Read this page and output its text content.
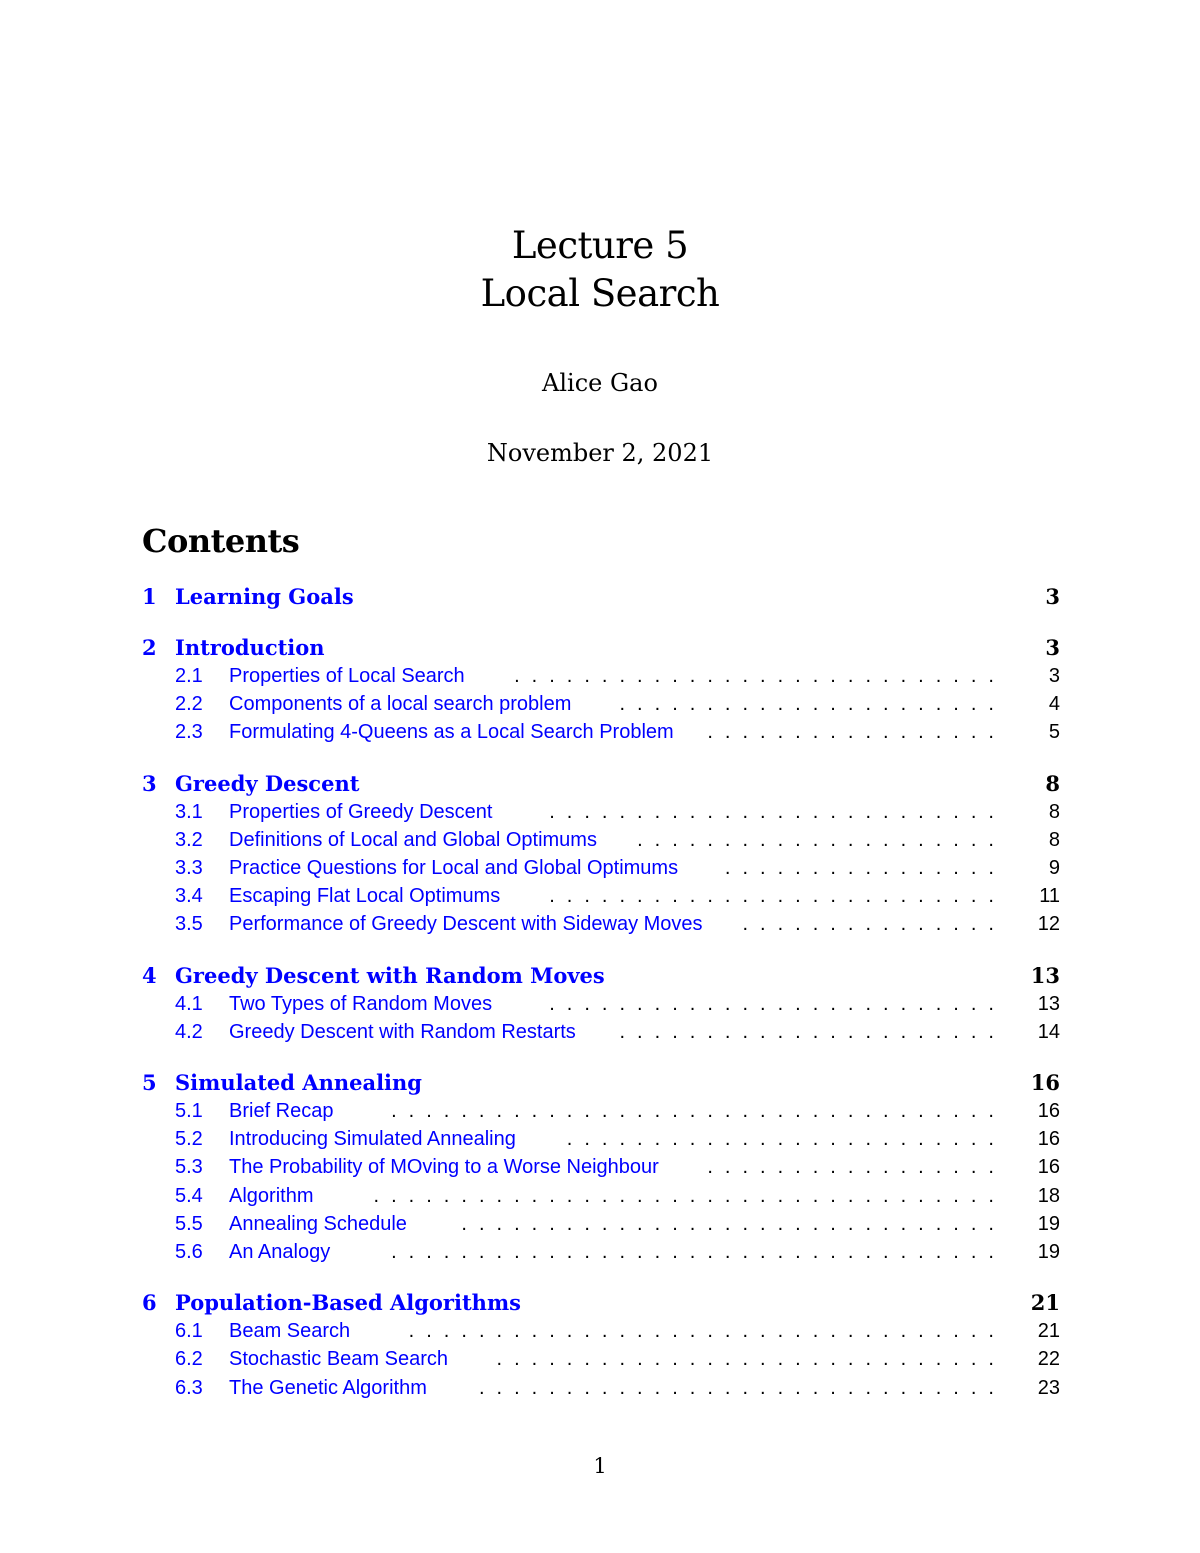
Lecture 5
Local Search
Alice Gao
November 2, 2021
Contents
1 Learning Goals	3
2 Introduction	3
2.1 Properties of Local Search	.   .   .   .   .   .   .   .   .   .   .   .   .   .   .   .   .   .   .   .   .   .   .   .   .   .   .   .    3
2.2 Components of a local search problem	.   .   .   .   .   .   .   .   .   .   .   .   .   .   .   .   .   .   .   .   .   .    4
2.3 Formulating 4-Queens as a Local Search Problem	.   .   .   .   .   .   .   .   .   .   .   .   .   .   .   .   .    5
3 Greedy Descent	8
3.1 Properties of Greedy Descent	.   .   .   .   .   .   .   .   .   .   .   .   .   .   .   .   .   .   .   .   .   .   .   .   .   .    8
3.2 Definitions of Local and Global Optimums	.   .   .   .   .   .   .   .   .   .   .   .   .   .   .   .   .   .   .   .   .    8
3.3 Practice Questions for Local and Global Optimums	.   .   .   .   .   .   .   .   .   .   .   .   .   .   .   .    9
3.4 Escaping Flat Local Optimums	.   .   .   .   .   .   .   .   .   .   .   .   .   .   .   .   .   .   .   .   .   .   .   .   .   .    11
3.5 Performance of Greedy Descent with Sideway Moves	.   .   .   .   .   .   .   .   .   .   .   .   .   .   .    12
4 Greedy Descent with Random Moves	13
4.1 Two Types of Random Moves	.   .   .   .   .   .   .   .   .   .   .   .   .   .   .   .   .   .   .   .   .   .   .   .   .   .    13
4.2 Greedy Descent with Random Restarts	.   .   .   .   .   .   .   .   .   .   .   .   .   .   .   .   .   .   .   .   .   .    14
5 Simulated Annealing	16
5.1 Brief Recap	.   .   .   .   .   .   .   .   .   .   .   .   .   .   .   .   .   .   .   .   .   .   .   .   .   .   .   .   .   .   .   .   .   .   .    16
5.2 Introducing Simulated Annealing	.   .   .   .   .   .   .   .   .   .   .   .   .   .   .   .   .   .   .   .   .   .   .   .   .    16
5.3 The Probability of MOving to a Worse Neighbour	.   .   .   .   .   .   .   .   .   .   .   .   .   .   .   .   .    16
5.4 Algorithm	.   .   .   .   .   .   .   .   .   .   .   .   .   .   .   .   .   .   .   .   .   .   .   .   .   .   .   .   .   .   .   .   .   .   .   .    18
5.5 Annealing Schedule	.   .   .   .   .   .   .   .   .   .   .   .   .   .   .   .   .   .   .   .   .   .   .   .   .   .   .   .   .   .   .    19
5.6 An Analogy	.   .   .   .   .   .   .   .   .   .   .   .   .   .   .   .   .   .   .   .   .   .   .   .   .   .   .   .   .   .   .   .   .   .   .    19
6 Population-Based Algorithms	21
6.1 Beam Search	.   .   .   .   .   .   .   .   .   .   .   .   .   .   .   .   .   .   .   .   .   .   .   .   .   .   .   .   .   .   .   .   .   .    21
6.2 Stochastic Beam Search	.   .   .   .   .   .   .   .   .   .   .   .   .   .   .   .   .   .   .   .   .   .   .   .   .   .   .   .   .    22
6.3 The Genetic Algorithm	.   .   .   .   .   .   .   .   .   .   .   .   .   .   .   .   .   .   .   .   .   .   .   .   .   .   .   .   .   .    23
1
